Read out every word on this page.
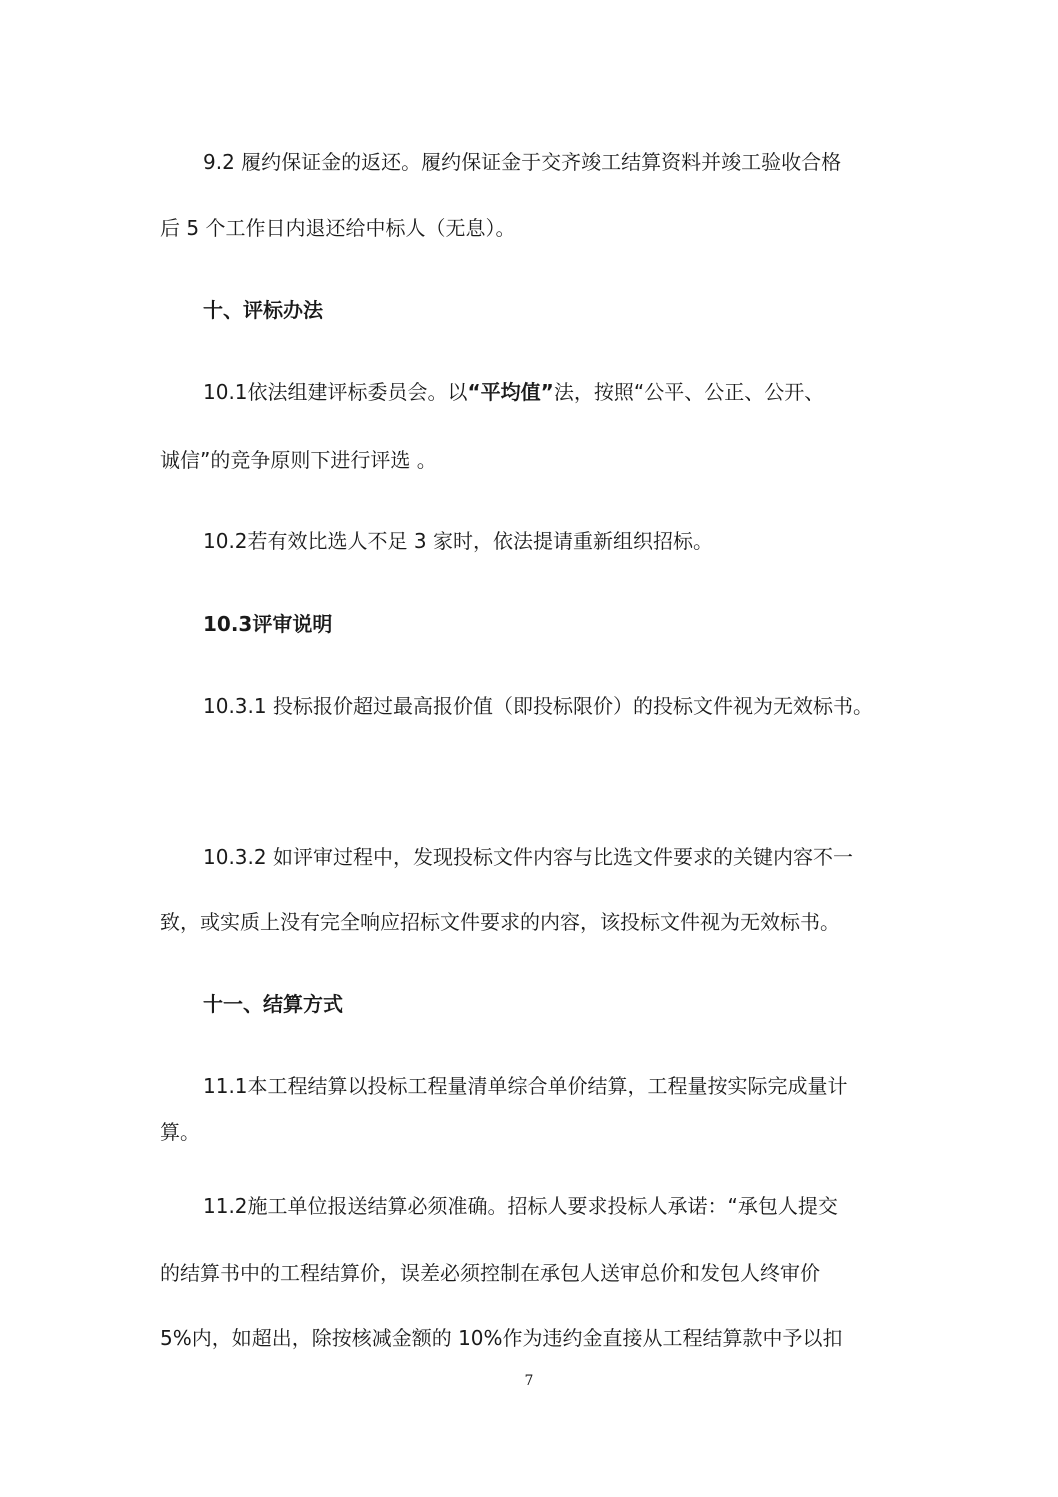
9.2 履约保证金的返还。履约保证金于交齐竣工结算资料并竣工验收合格
后 5 个工作日内退还给中标人（无息）。
十、评标办法
10.1依法组建评标委员会。以“平均值”法，按照“公平、公正、公开、
诚信”的竞争原则下进行评选 。
10.2若有效比选人不足 3 家时，依法提请重新组织招标。
10.3评审说明
10.3.1 投标报价超过最高报价值（即投标限价）的投标文件视为无效标书。
10.3.2 如评审过程中，发现投标文件内容与比选文件要求的关键内容不一
致，或实质上没有完全响应招标文件要求的内容，该投标文件视为无效标书。
十一、结算方式
11.1本工程结算以投标工程量清单综合单价结算，工程量按实际完成量计
算。
11.2施工单位报送结算必须准确。招标人要求投标人承诺：“承包人提交
的结算书中的工程结算价，误差必须控制在承包人送审总价和发包人终审价
5%内，如超出，除按核减金额的 10%作为违约金直接从工程结算款中予以扣
7
